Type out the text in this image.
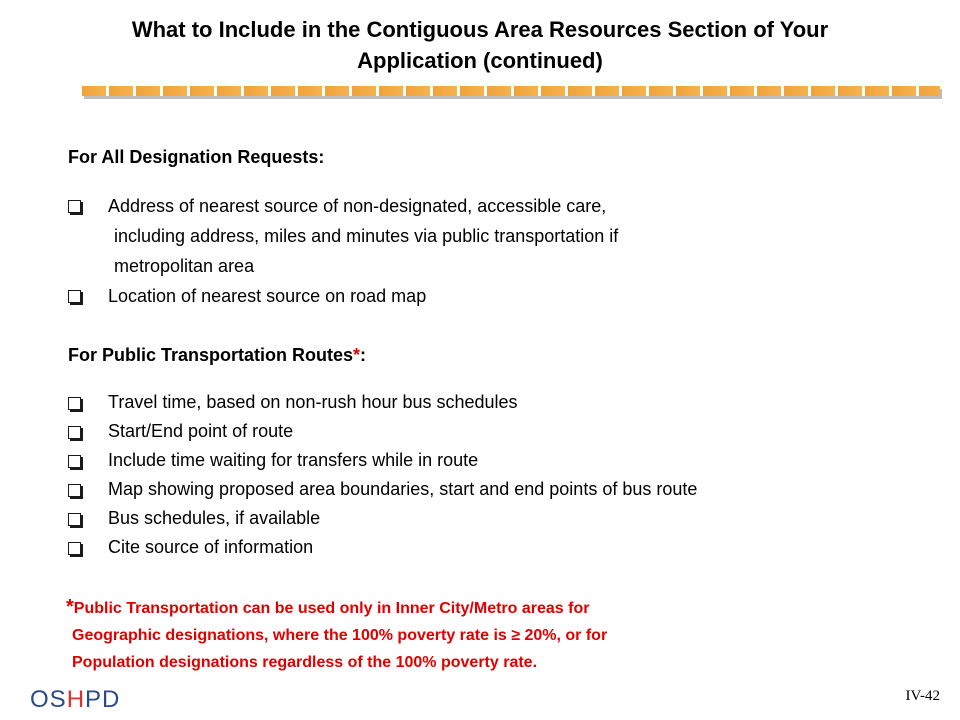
What to Include in the Contiguous Area Resources Section of Your
Application (continued)
For All Designation Requests:
Address of nearest source of non-designated, accessible care,
including address, miles and minutes via public transportation if
metropolitan area
Location of nearest source on road map
For Public Transportation Routes*:
Travel time, based on non-rush hour bus schedules
Start/End point of route
Include time waiting for transfers while in route
Map showing proposed area boundaries, start and end points of bus route
Bus schedules, if available
Cite source of information
*Public Transportation can be used only in Inner City/Metro areas for
Geographic designations, where the 100% poverty rate is ≥ 20%, or for
Population designations regardless of the 100% poverty rate.
OSHPD	IV-42
